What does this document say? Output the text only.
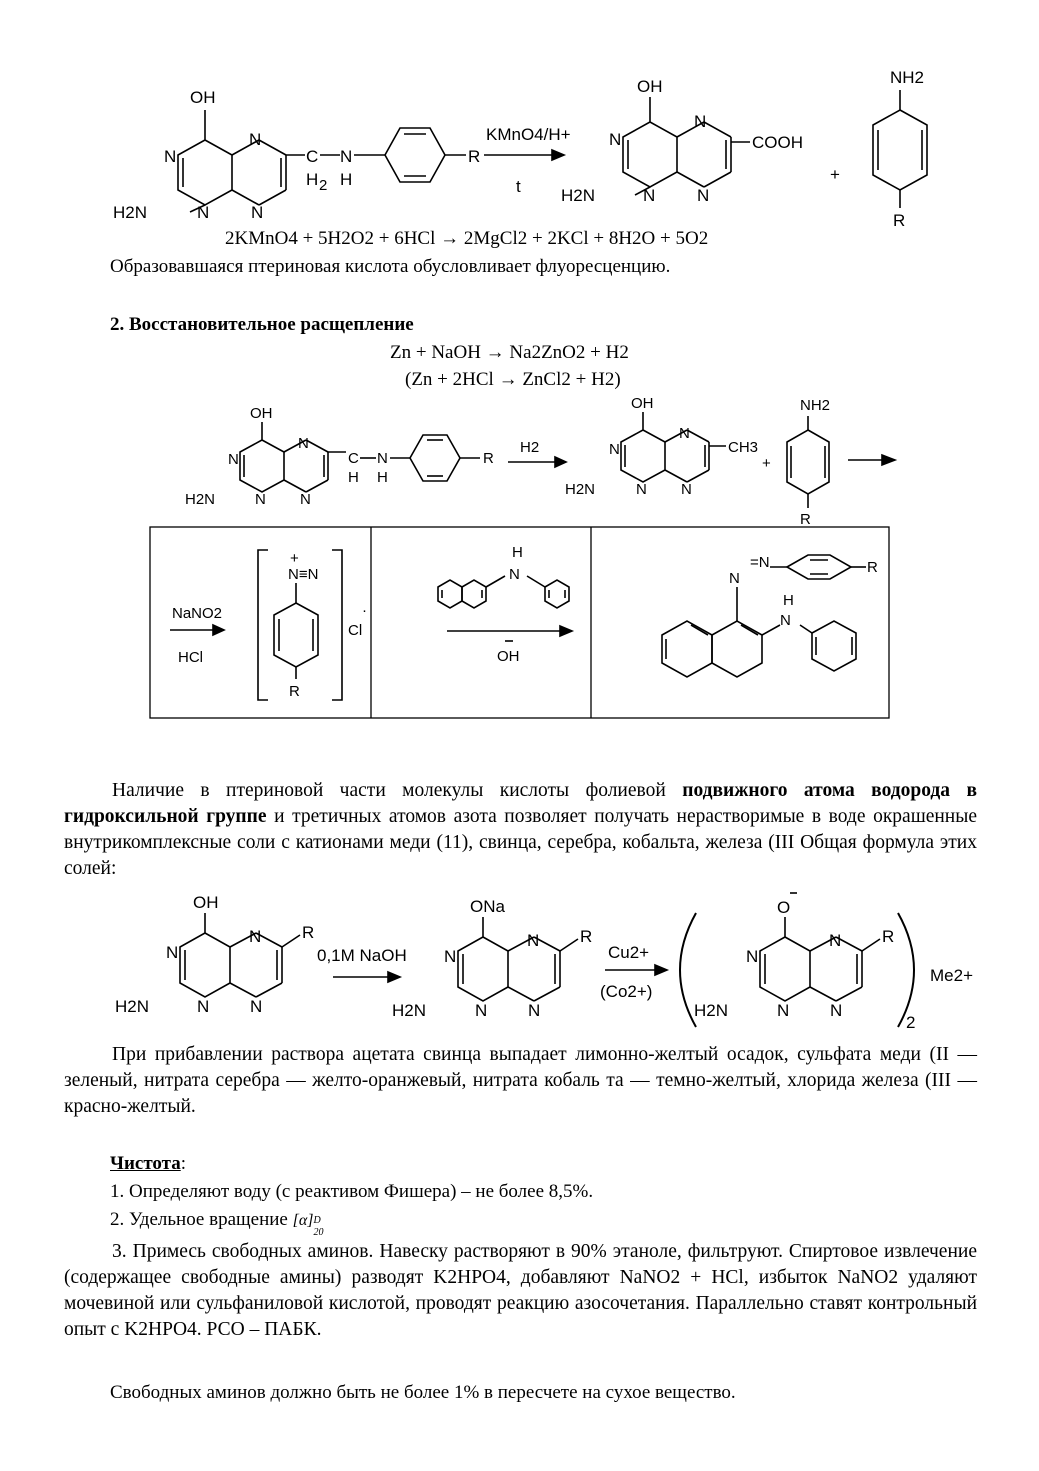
OH
N
N
N N
H2N
C
H 2
N
H
R
KMnO4/H+
t
OH
N
N
N N
H2N
COOH
+
NH2
R
2KMnO4 + 5H2O2 + 6HCl → 2MgCl2 + 2KCl + 8H2O + 5O2
Образовавшаяся птериновая кислота обусловливает флуоресценцию.
2. Восстановительное расщепление
Zn + NaOH → Na2ZnO2 + H2
(Zn + 2HCl → ZnCl2 + H2)
OH
N
N
N N
H2N
C
H
N
H
R
H2
OH
N
N
N N
H2N
CH3
+
NH2
R
NaNO2
HCl
N≡N
+
R
Cl
·
H
N
OH
N
=N	R
H
N
Наличие в птериновой части молекулы кислоты фолиевой подвижного атома водорода в гидроксильной группе и третичных атомов азота позволяет получать нерастворимые в воде окрашенные внутрикомплексные соли с катионами меди (11), свинца, серебра, кобальта, железа (III Общая формула этих солей:
OH
N
N
N N
H2N
R
0,1M NaOH
ONa
N
N
N N
H2N
R
Cu2+
(Co2+)
O
N
N
N N
H2N
R
2
Me2+
При прибавлении раствора ацетата свинца выпадает лимонно-желтый осадок, сульфата меди (II — зеленый, нитрата серебра — желто-оранжевый, нитрата кобаль та — темно-желтый, хлорида железа (III — красно-желтый.
Чистота:
1. Определяют воду (с реактивом Фишера) – не более 8,5%.
2. Удельное вращение [α] D
20
3. Примесь свободных аминов. Навеску растворяют в 90% этаноле, фильтруют. Спиртовое извлечение (содержащее свободные амины) разводят K2HPO4, добавляют NaNO2 + HCl, избыток NaNO2 удаляют мочевиной или сульфаниловой кислотой, проводят реакцию азосочетания. Параллельно ставят контрольный опыт с K2HPO4. РСО – ПАБК.
Свободных аминов должно быть не более 1% в пересчете на сухое вещество.
